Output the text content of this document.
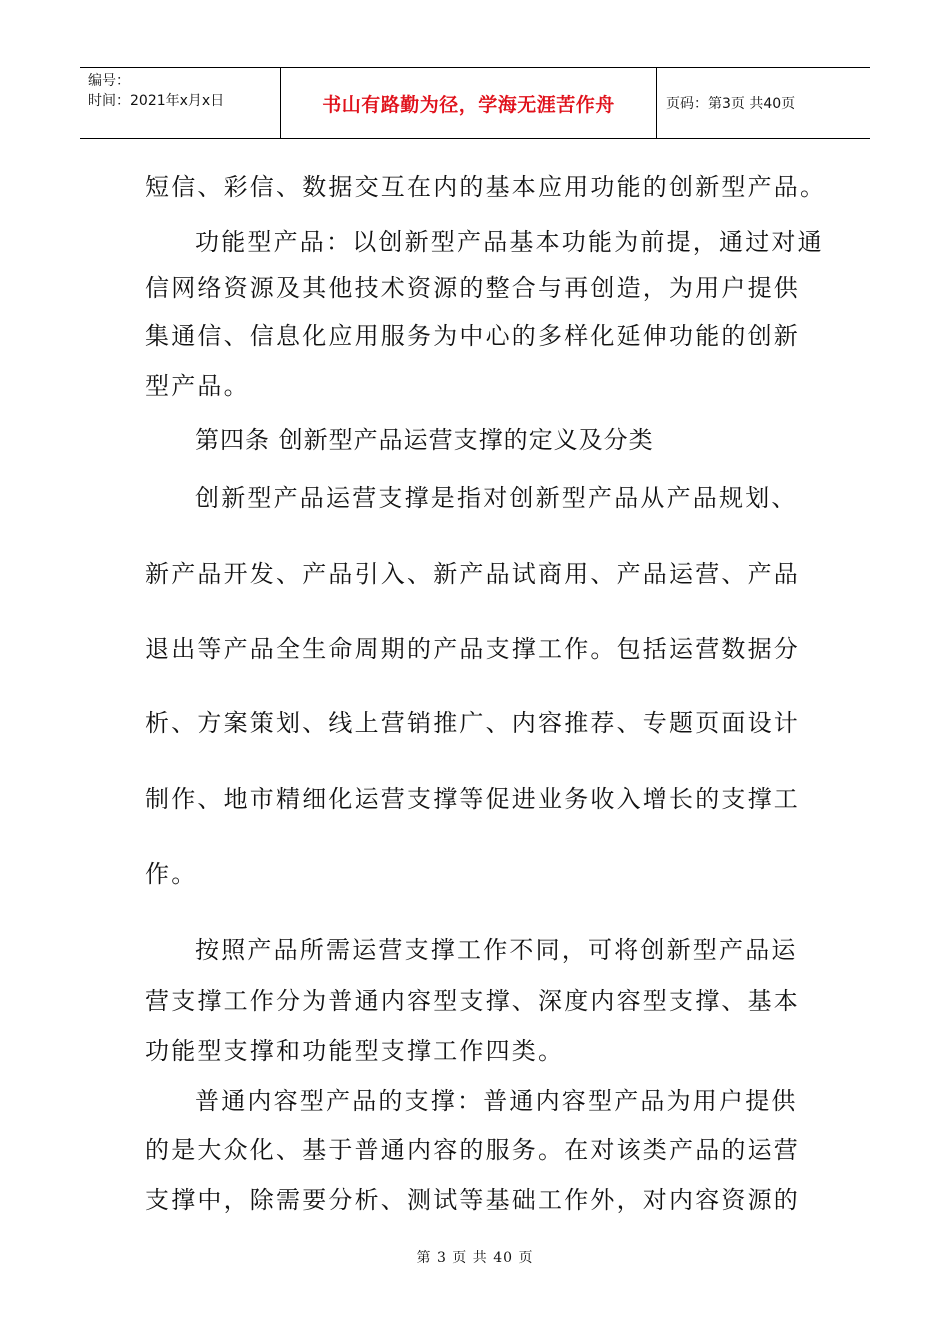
编号：
时间：2021年x月x日	书山有路勤为径，学海无涯苦作舟	页码：第3页 共40页
短信、彩信、数据交互在内的基本应用功能的创新型产品。
功能型产品：以创新型产品基本功能为前提，通过对通
信网络资源及其他技术资源的整合与再创造，为用户提供
集通信、信息化应用服务为中心的多样化延伸功能的创新
型产品。
第四条 创新型产品运营支撑的定义及分类
创新型产品运营支撑是指对创新型产品从产品规划、
新产品开发、产品引入、新产品试商用、产品运营、产品
退出等产品全生命周期的产品支撑工作。包括运营数据分
析、方案策划、线上营销推广、内容推荐、专题页面设计
制作、地市精细化运营支撑等促进业务收入增长的支撑工
作。
按照产品所需运营支撑工作不同，可将创新型产品运
营支撑工作分为普通内容型支撑、深度内容型支撑、基本
功能型支撑和功能型支撑工作四类。
普通内容型产品的支撑：普通内容型产品为用户提供
的是大众化、基于普通内容的服务。在对该类产品的运营
支撑中，除需要分析、测试等基础工作外，对内容资源的
第 3 页 共 40 页
